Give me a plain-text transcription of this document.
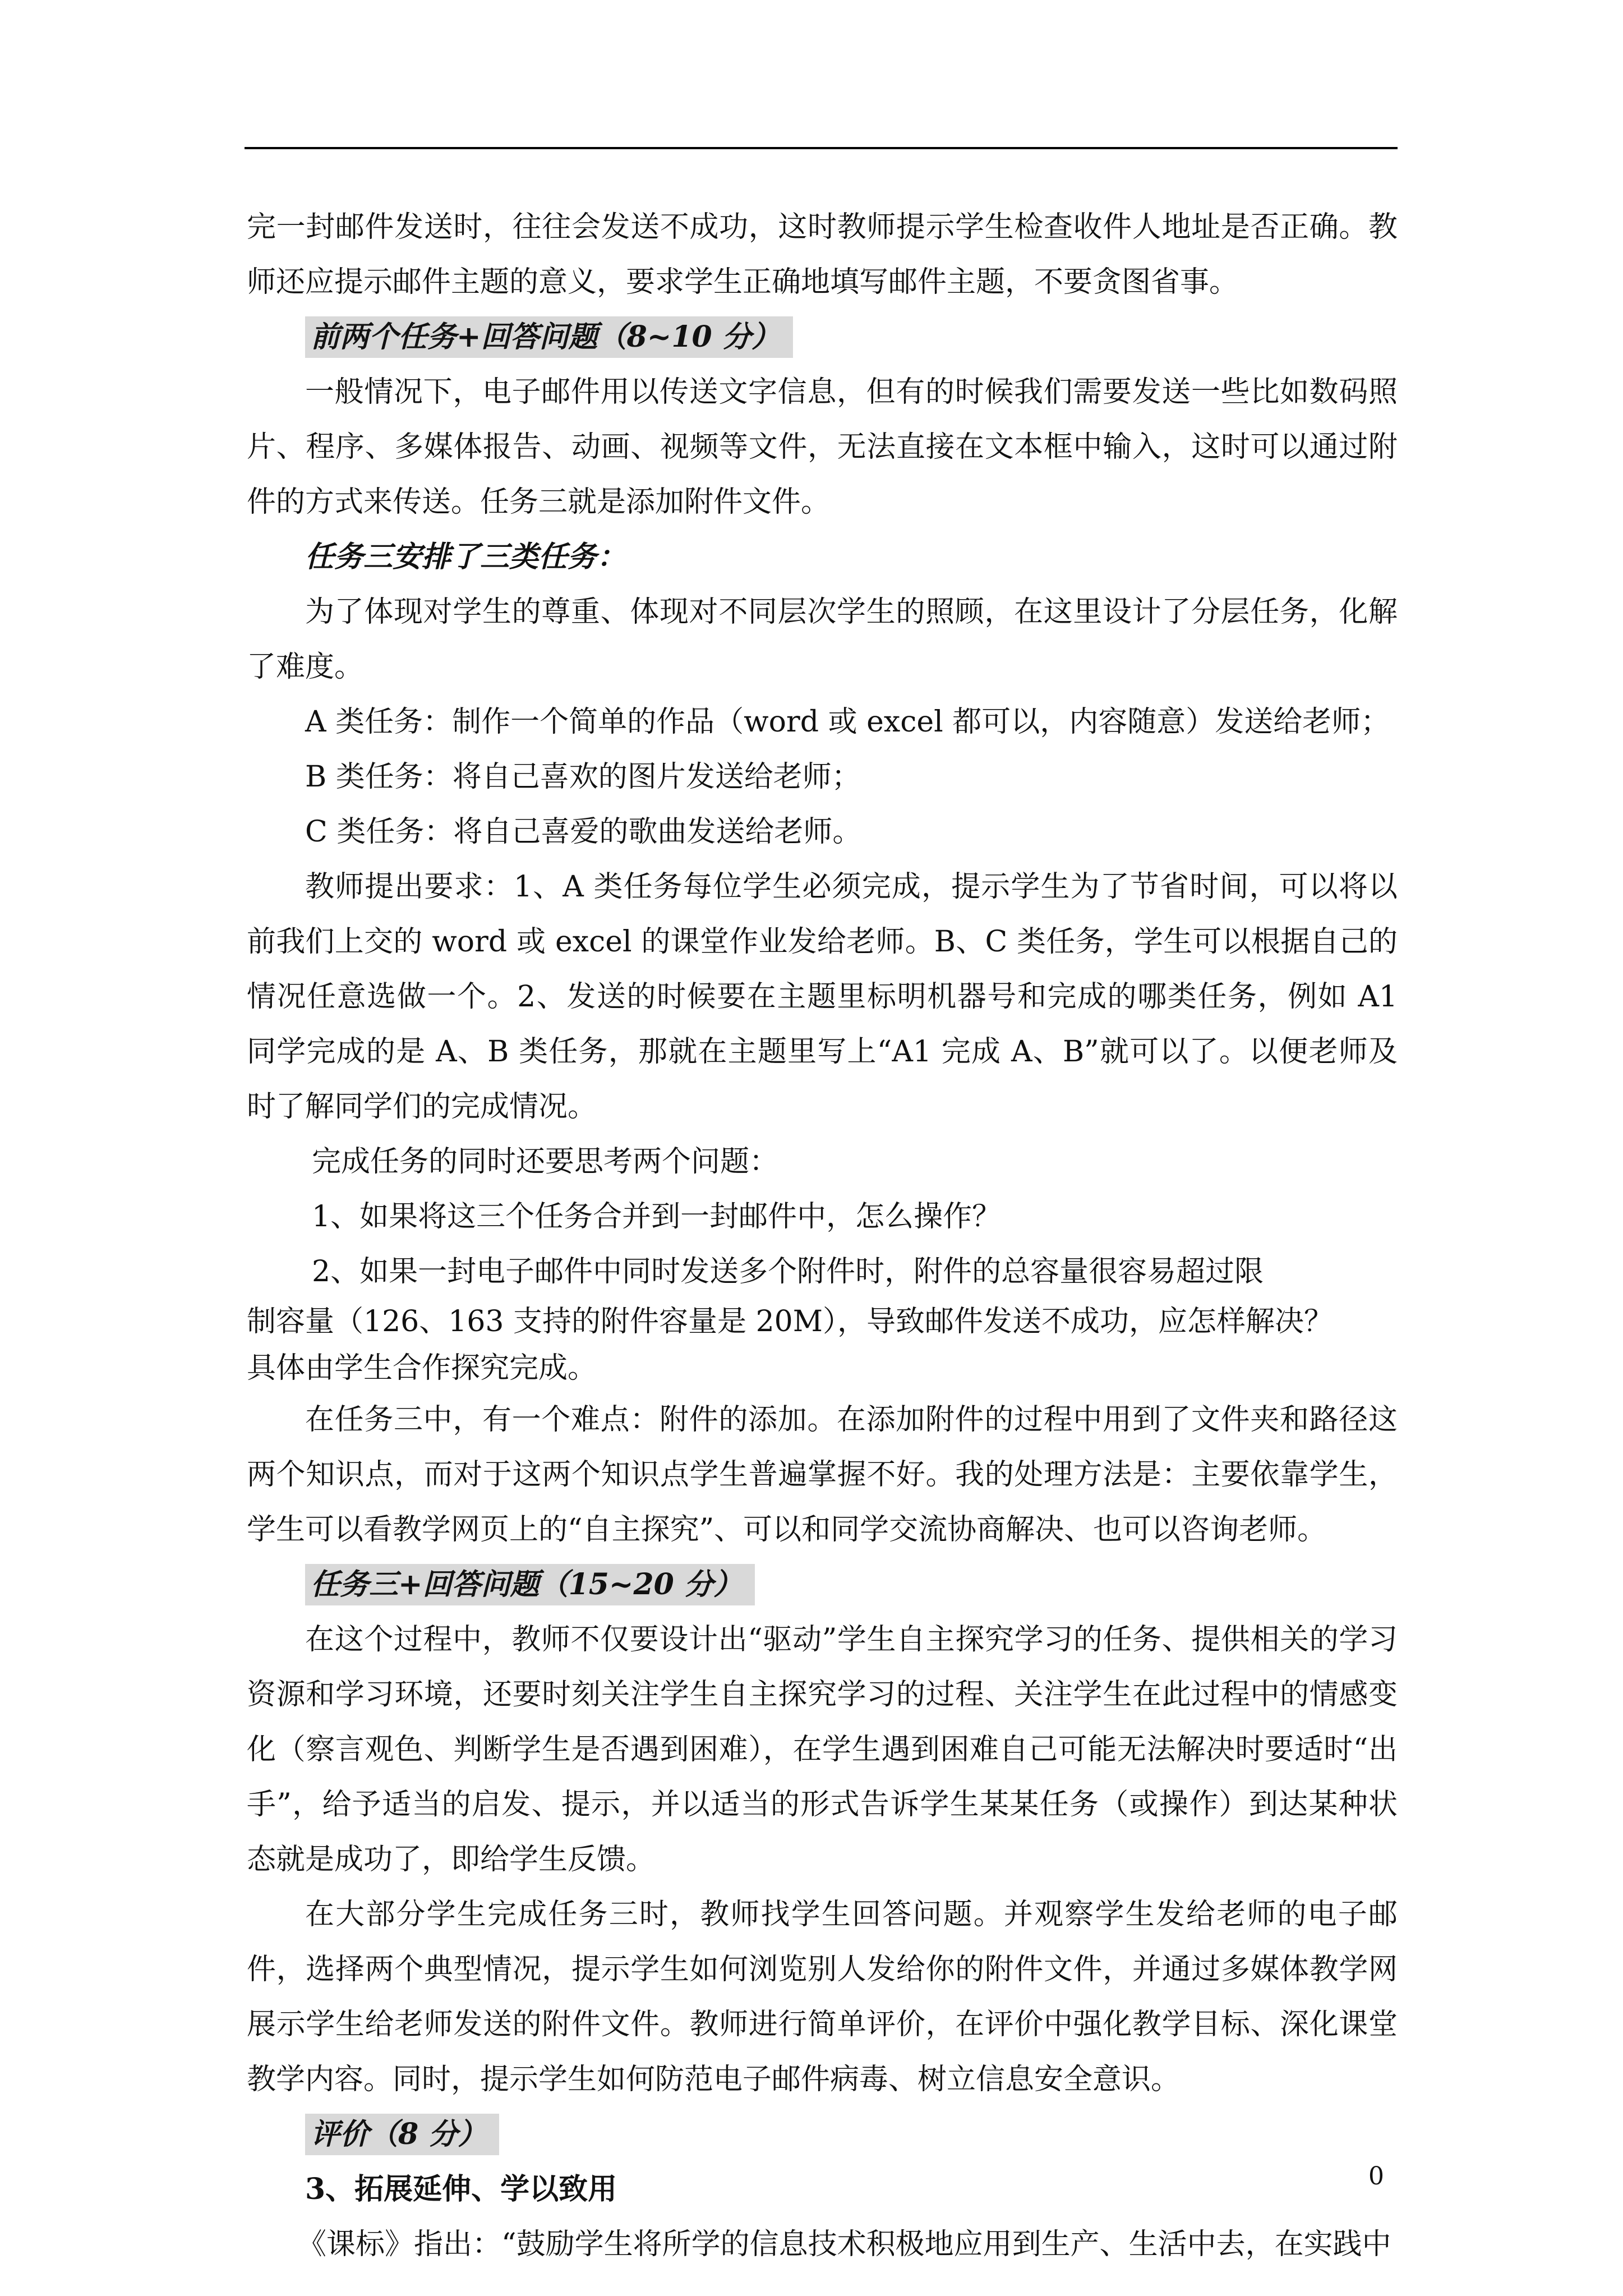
完一封邮件发送时，往往会发送不成功，这时教师提示学生检查收件人地址是否正确。教师还应提示邮件主题的意义，要求学生正确地填写邮件主题，不要贪图省事。

前两个任务+回答问题（8~10 分）

一般情况下，电子邮件用以传送文字信息，但有的时候我们需要发送一些比如数码照片、程序、多媒体报告、动画、视频等文件，无法直接在文本框中输入，这时可以通过附件的方式来传送。任务三就是添加附件文件。

任务三安排了三类任务：

为了体现对学生的尊重、体现对不同层次学生的照顾，在这里设计了分层任务，化解了难度。

A 类任务：制作一个简单的作品（word 或 excel 都可以，内容随意）发送给老师；

B 类任务：将自己喜欢的图片发送给老师；

C 类任务：将自己喜爱的歌曲发送给老师。

教师提出要求：1、A 类任务每位学生必须完成，提示学生为了节省时间，可以将以前我们上交的 word 或 excel 的课堂作业发给老师。B、C 类任务，学生可以根据自己的情况任意选做一个。2、发送的时候要在主题里标明机器号和完成的哪类任务，例如 A1 同学完成的是 A、B 类任务，那就在主题里写上“A1 完成 A、B”就可以了。以便老师及时了解同学们的完成情况。

完成任务的同时还要思考两个问题：

1、如果将这三个任务合并到一封邮件中，怎么操作？

2、如果一封电子邮件中同时发送多个附件时，附件的总容量很容易超过限

制容量（126、163 支持的附件容量是 20M），导致邮件发送不成功，应怎样解决？

具体由学生合作探究完成。

在任务三中，有一个难点：附件的添加。在添加附件的过程中用到了文件夹和路径这两个知识点，而对于这两个知识点学生普遍掌握不好。我的处理方法是：主要依靠学生，学生可以看教学网页上的“自主探究”、可以和同学交流协商解决、也可以咨询老师。

任务三+回答问题（15~20 分）

在这个过程中，教师不仅要设计出“驱动”学生自主探究学习的任务、提供相关的学习资源和学习环境，还要时刻关注学生自主探究学习的过程、关注学生在此过程中的情感变化（察言观色、判断学生是否遇到困难），在学生遇到困难自己可能无法解决时要适时“出手”，给予适当的启发、提示，并以适当的形式告诉学生某某任务（或操作）到达某种状态就是成功了，即给学生反馈。

在大部分学生完成任务三时，教师找学生回答问题。并观察学生发给老师的电子邮件，选择两个典型情况，提示学生如何浏览别人发给你的附件文件，并通过多媒体教学网展示学生给老师发送的附件文件。教师进行简单评价，在评价中强化教学目标、深化课堂教学内容。同时，提示学生如何防范电子邮件病毒、树立信息安全意识。

评价（8 分）

3、拓展延伸、学以致用

《课标》指出：“鼓励学生将所学的信息技术积极地应用到生产、生活中去，在实践中

0
